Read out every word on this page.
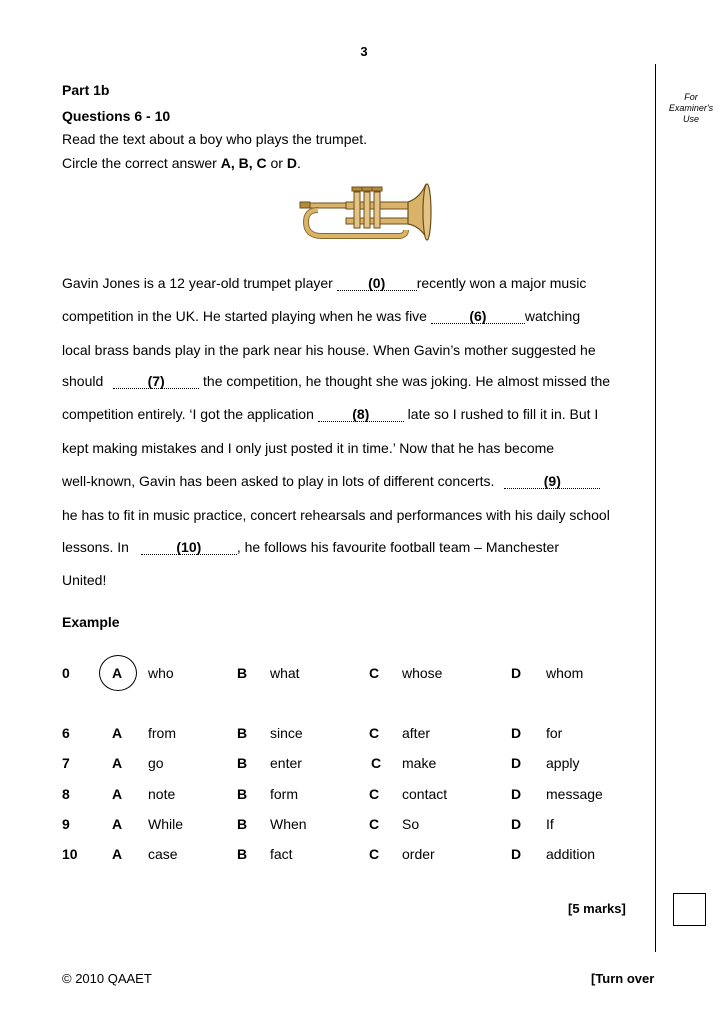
3
For
Examiner's
Use
Part 1b
Questions 6 - 10
Read the text about a boy who plays the trumpet.
Circle the correct answer A, B, C or D.
Gavin Jones is a 12 year-old trumpet player (0) recently won a major music
competition in the UK. He started playing when he was five	(6)	watching
local brass bands play in the park near his house. When Gavin’s mother suggested he
should	(7) the competition, he thought she was joking. He almost missed the
competition entirely. ‘I got the application (8) late so I rushed to fill it in. But I
kept making mistakes and I only just posted it in time.’ Now that he has become
well-known, Gavin has been asked to play in lots of different concerts.	(9)
he has to fit in music practice, concert rehearsals and performances with his daily school
lessons. In	(10)	, he follows his favourite football team – Manchester
United!
Example
0	A who	B what	C whose	D whom
6	A from	B since	C after	D for
7	A go	B enter	C make	D apply
8	A note	B form	C contact	D message
9	A While	B When	C So	D If
10 A case	B fact	C order	D addition
[5 marks]
© 2010 QAAET	[Turn over
